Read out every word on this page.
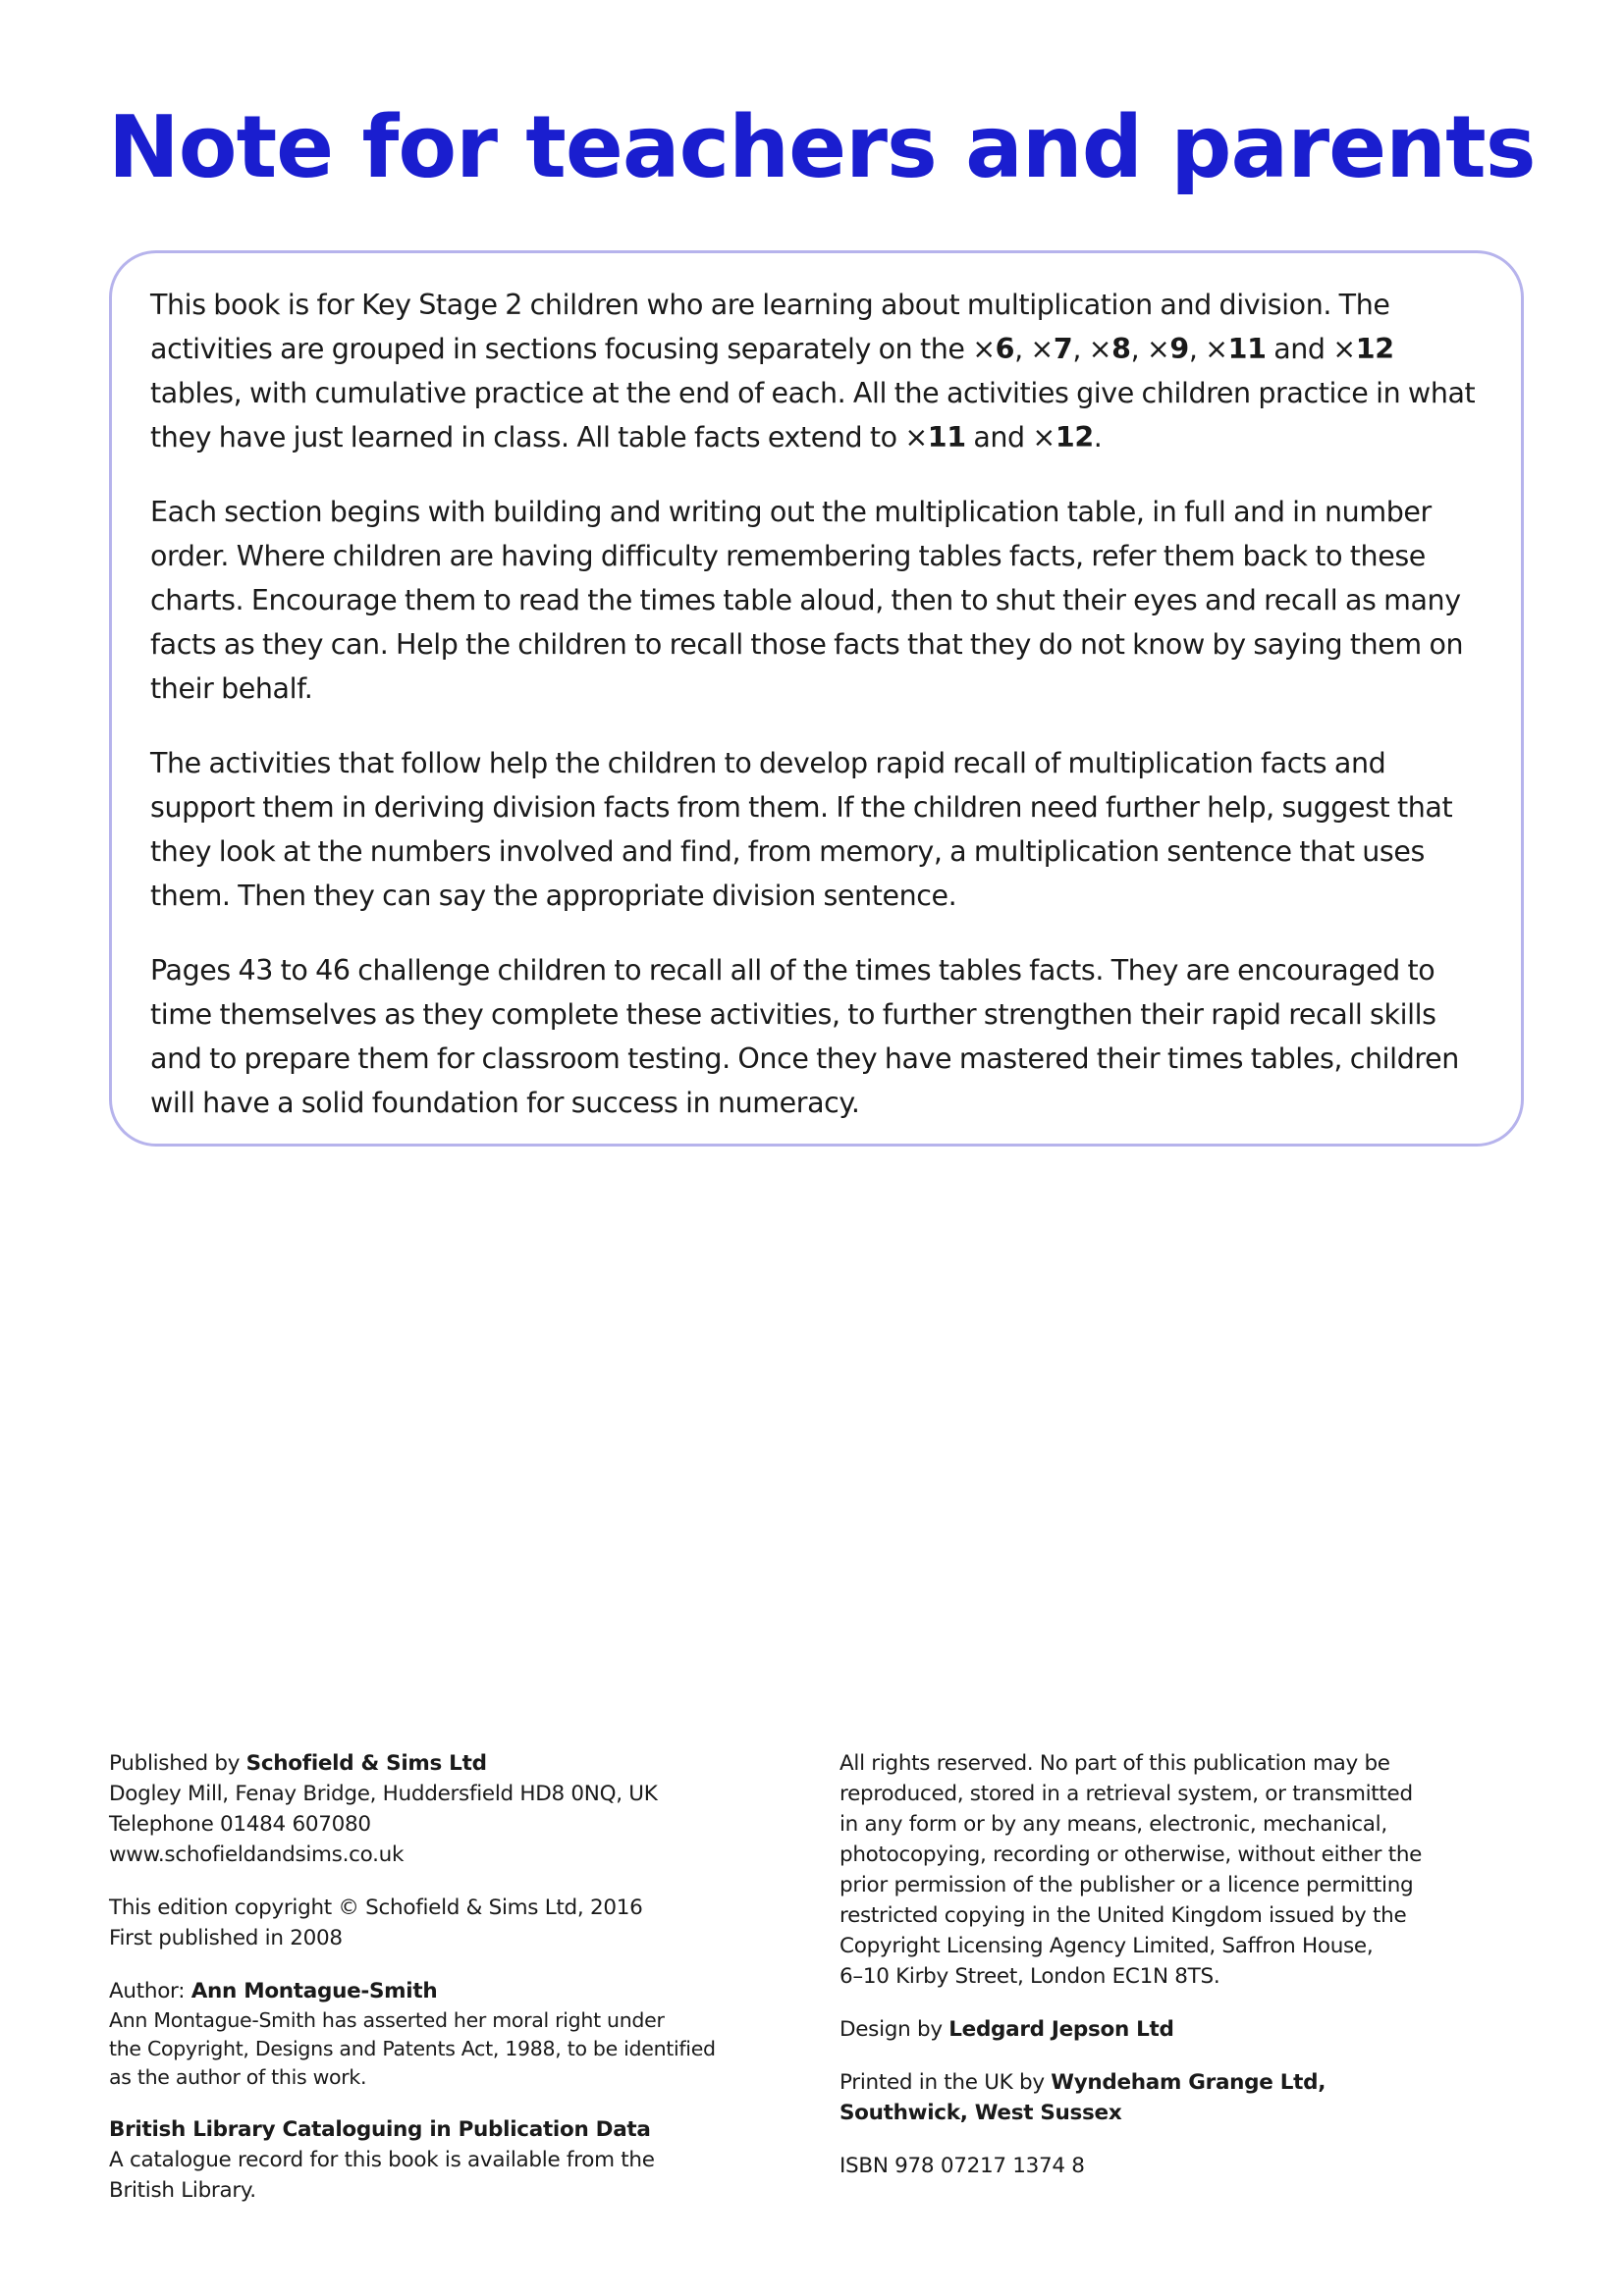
Note for teachers and parents

This book is for Key Stage 2 children who are learning about multiplication and division. The activities are grouped in sections focusing separately on the ×6, ×7, ×8, ×9, ×11 and ×12 tables, with cumulative practice at the end of each. All the activities give children practice in what they have just learned in class. All table facts extend to ×11 and ×12.

Each section begins with building and writing out the multiplication table, in full and in number order. Where children are having difficulty remembering tables facts, refer them back to these charts. Encourage them to read the times table aloud, then to shut their eyes and recall as many facts as they can. Help the children to recall those facts that they do not know by saying them on their behalf.

The activities that follow help the children to develop rapid recall of multiplication facts and support them in deriving division facts from them. If the children need further help, suggest that they look at the numbers involved and find, from memory, a multiplication sentence that uses them. Then they can say the appropriate division sentence.

Pages 43 to 46 challenge children to recall all of the times tables facts. They are encouraged to time themselves as they complete these activities, to further strengthen their rapid recall skills and to prepare them for classroom testing. Once they have mastered their times tables, children will have a solid foundation for success in numeracy.

Published by Schofield & Sims Ltd
Dogley Mill, Fenay Bridge, Huddersfield HD8 0NQ, UK
Telephone 01484 607080
www.schofieldandsims.co.uk
This edition copyright © Schofield & Sims Ltd, 2016
First published in 2008
Author: Ann Montague-Smith
Ann Montague-Smith has asserted her moral right under
the Copyright, Designs and Patents Act, 1988, to be identified
as the author of this work.
British Library Cataloguing in Publication Data
A catalogue record for this book is available from the
British Library.
All rights reserved. No part of this publication may be
reproduced, stored in a retrieval system, or transmitted
in any form or by any means, electronic, mechanical,
photocopying, recording or otherwise, without either the
prior permission of the publisher or a licence permitting
restricted copying in the United Kingdom issued by the
Copyright Licensing Agency Limited, Saffron House,
6–10 Kirby Street, London EC1N 8TS.
Design by Ledgard Jepson Ltd
Printed in the UK by Wyndeham Grange Ltd,
Southwick, West Sussex
ISBN 978 07217 1374 8
